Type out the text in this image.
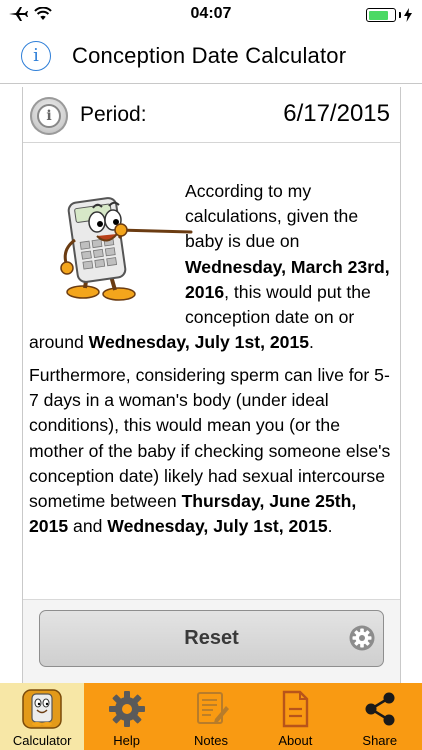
04:07
i	Conception Date Calculator
i	Period:	6/17/2015
According to my calculations, given the baby is due on Wednesday, March 23rd, 2016, this would put the conception date on or around Wednesday, July 1st, 2015.
Furthermore, considering sperm can live for 5-7 days in a woman's body (under ideal conditions), this would mean you (or the mother of the baby if checking someone else's conception date) likely had sexual intercourse sometime between Thursday, June 25th, 2015 and Wednesday, July 1st, 2015.
Reset
Calculator	Help	Notes	About	Share
